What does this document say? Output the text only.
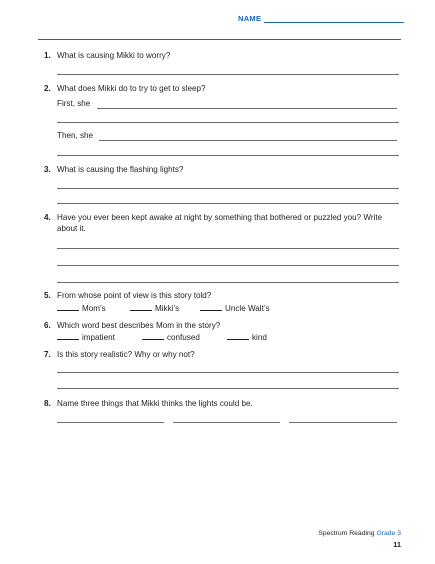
NAME
1. What is causing Mikki to worry?
2. What does Mikki do to try to get to sleep?
First, she
Then, she
3. What is causing the flashing lights?
4. Have you ever been kept awake at night by something that bothered or puzzled you? Write about it.
5. From whose point of view is this story told?
Mom’s	Mikki’s	Uncle Walt’s
6. Which word best describes Mom in the story?
impatient	confused	kind
7. Is this story realistic? Why or why not?
8. Name three things that Mikki thinks the lights could be.
Spectrum Reading Grade 3
11
